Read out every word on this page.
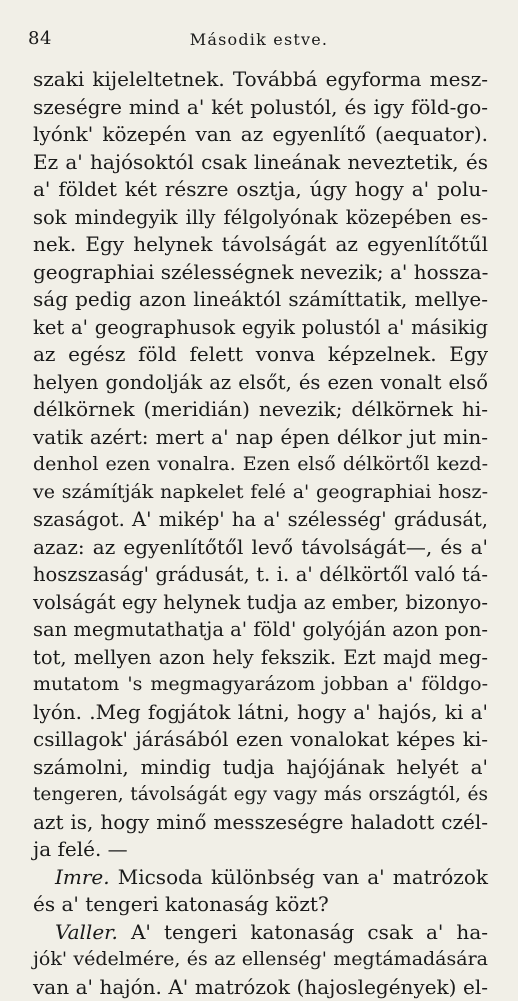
84	Második estve.
szaki kijeleltetnek. Továbbá egyforma mesz-
szeségre mind a' két polustól, és igy föld-go-
lyónk' közepén van az egyenlítő (aequator).
Ez a' hajósoktól csak lineának neveztetik, és
a' földet két részre osztja, úgy hogy a' polu-
sok mindegyik illy félgolyónak közepében es-
nek. Egy helynek távolságát az egyenlítőtűl
geographiai szélességnek nevezik; a' hossza-
ság pedig azon lineáktól számíttatik, mellye-
ket a' geographusok egyik polustól a' másikig
az egész föld felett vonva képzelnek. Egy
helyen gondolják az elsőt, és ezen vonalt első
délkörnek (meridián) nevezik; délkörnek hi-
vatik azért: mert a' nap épen délkor jut min-
denhol ezen vonalra. Ezen első délkörtől kezd-
ve számítják napkelet felé a' geographiai hosz-
szaságot. A' mikép' ha a' szélesség' grádusát,
azaz: az egyenlítőtől levő távolságát—, és a'
hoszszaság' grádusát, t. i. a' délkörtől való tá-
volságát egy helynek tudja az ember, bizonyo-
san megmutathatja a' föld' golyóján azon pon-
tot, mellyen azon hely fekszik. Ezt majd meg-
mutatom 's megmagyarázom jobban a' földgo-
lyón. .Meg fogjátok látni, hogy a' hajós, ki a'
csillagok' járásából ezen vonalokat képes ki-
számolni, mindig tudja hajójának helyét a'
tengeren, távolságát egy vagy más országtól, és
azt is, hogy minő messzeségre haladott czél-
ja felé. —
Imre. Micsoda különbség van a' matrózok
és a' tengeri katonaság közt?
Valler. A' tengeri katonaság csak a' ha-
jók' védelmére, és az ellenség' megtámadására
van a' hajón. A' matrózok (hajoslegények) el-
